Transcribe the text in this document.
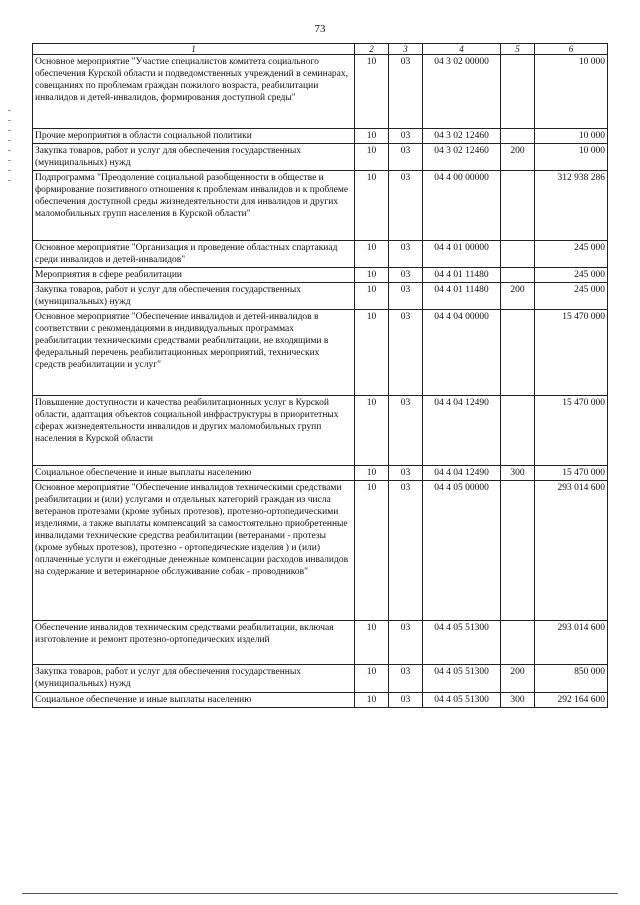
73
1	2	3	4	5	6
Основное мероприятие "Участие специалистов комитета социального обеспечения Курской области и подведомственных учреждений в семинарах, совещаниях по проблемам граждан пожилого возраста, реабилитации инвалидов и детей-инвалидов, формирования доступной среды"	10	03	04 3 02 00000		10 000
Прочие мероприятия в области социальной политики	10	03	04 3 02 12460		10 000
Закупка товаров, работ и услуг для обеспечения государственных (муниципальных) нужд	10	03	04 3 02 12460	200	10 000
Подпрограмма "Преодоление социальной разобщенности в обществе и формирование позитивного отношения к проблемам инвалидов и к проблеме обеспечения доступной среды жизнедеятельности для инвалидов и других маломобильных групп населения в Курской области"	10	03	04 4 00 00000		312 938 286
Основное мероприятие "Организация и проведение областных спартакиад среди инвалидов и детей-инвалидов"	10	03	04 4 01 00000		245 000
Мероприятия в сфере реабилитации	10	03	04 4 01 11480		245 000
Закупка товаров, работ и услуг для обеспечения государственных (муниципальных) нужд	10	03	04 4 01 11480	200	245 000
Основное мероприятие "Обеспечение инвалидов и детей-инвалидов в соответствии с рекомендациями в индивидуальных программах реабилитации техническими средствами реабилитации, не входящими в федеральный перечень реабилитационных мероприятий, технических средств реабилитации и услуг"	10	03	04 4 04 00000		15 470 000
Повышение доступности и качества реабилитационных услуг в Курской области, адаптация объектов социальной инфраструктуры в приоритетных сферах жизнедеятельности инвалидов и других маломобильных групп населения в Курской области	10	03	04 4 04 12490		15 470 000
Социальное обеспечение и иные выплаты населению	10	03	04 4 04 12490	300	15 470 000
Основное мероприятие "Обеспечение инвалидов техническими средствами реабилитации и (или) услугами и отдельных категорий граждан из числа ветеранов протезами (кроме зубных протезов), протезно-ортопедическими изделиями, а также выплаты компенсаций за самостоятельно приобретенные инвалидами технические средства реабилитации (ветеранами - протезы (кроме зубных протезов), протезно - ортопедические изделия ) и (или) оплаченные услуги и ежегодные денежные компенсации расходов инвалидов на содержание и ветеринарное обслуживание собак - проводников"	10	03	04 4 05 00000		293 014 600
Обеспечение инвалидов техническим средствами реабилитации, включая изготовление и ремонт протезно-ортопедических изделий	10	03	04 4 05 51300		293 014 600
Закупка товаров, работ и услуг для обеспечения государственных (муниципальных) нужд	10	03	04 4 05 51300	200	850 000
Социальное обеспечение и иные выплаты населению	10	03	04 4 05 51300	300	292 164 600
